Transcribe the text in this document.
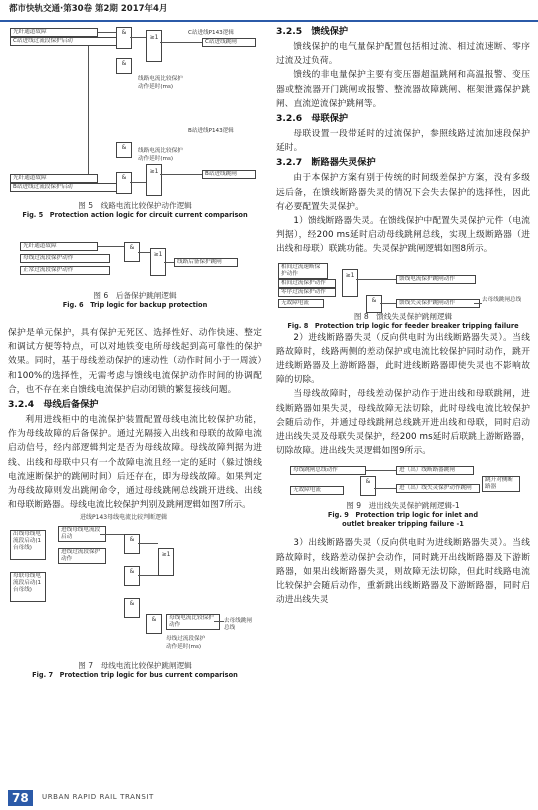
都市快轨交通·第30卷 第2期 2017年4月
C站进线P143逻辑
光纤通道故障
C站进线过流段保护启动
&
≥1
C站进线跳闸
&
线路电流比较保护
动作延时(ms)
B站进线P143逻辑
&	线路电流比较保护
动作延时(ms)
光纤通道故障
B站进线过流段保护启动
&
≥1	B站进线跳闸
图 5　线路电流比较保护动作逻辑
Fig. 5　Protection action logic for circuit current comparison
光纤通道故障
母线过流段保护动作
正常过流段保护动作
&
≥1
线路后备保护跳闸
图 6　后备保护跳闸逻辑
Fig. 6　Trip logic for backup protection

保护是单元保护，具有保护无死区、选择性好、动作快速、整定和调试方便等特点，可以对地铁变电所母线起到高可靠性的保护效果。同时，基于母线差动保护的速动性（动作时间小于一周波）和100%的选择性，无需考虑与馈线电流保护动作时间的协调配合，也不存在来自馈线电流保护启动闭锁的繁复接线问题。

3.2.4　母线后备保护

利用进线柜中的电流保护装置配置母线电流比较保护功能，作为母线故障的后备保护。通过光隔接入出线和母联的故障电流启动信号，经内部逻辑判定是否为母线故障。母线故障判据为进线、出线和母联中只有一个故障电流且经一定的延时（躲过馈线电流速断保护的跳闸时间）后还存在，即为母线故障。如果判定为母线故障则发出跳闸命令，通过母线跳闸总线跳开进线、出线和母联断路器。母线电流比较保护判别及跳闸逻辑如图7所示。

进线P143母线电流比较判断逻辑
出线母线电流段启动(1台母线)
母联母线电流段启动(1台母线)
进线母线电流段启动
进线过流段保护动作
&
&
≥1
&
&	母线电流比较保护动作
母线过流段保护
动作延时(ms)
去母线跳闸总线
图 7　母线电流比较保护跳闸逻辑
Fig. 7　Protection trip logic for bus current comparison

3.2.5　馈线保护

馈线保护的电气量保护配置包括相过流、相过流速断、零序过流及过负荷。

馈线的非电量保护主要有变压器超温跳闸和高温报警、变压器或整流器开门跳闸或报警、整流器故障跳闸、框架泄露保护跳闸、直流逆流保护跳闸等。

3.2.6　母联保护

母联设置一段带延时的过流保护，参照线路过流加速段保护延时。

3.2.7　断路器失灵保护

由于本保护方案有别于传统的时间级差保护方案，没有多级远后备，在馈线断路器失灵的情况下会失去保护的选择性，因此有必要配置失灵保护。

1）馈线断路器失灵。在馈线保护中配置失灵保护元件（电流判据），经200 ms延时启动母线跳闸总线，实现上级断路器（进出线和母联）联跳功能。失灵保护跳闸逻辑如图8所示。

相间过流速断保护动作
相间过流保护动作
零序过流保护动作
无故障电流
≥1	馈线电流保护跳闸动作
&	馈线失灵保护跳闸动作	去母线跳闸总线
图 8　馈线失灵保护跳闸逻辑
Fig. 8　Protection trip logic for feeder breaker tripping failure

2）进线断路器失灵（反向供电时为出线断路器失灵）。当线路故障时，线路两侧的差动保护或电流比较保护同时动作，跳开进线断路器及上游断路器，此时进线断路器即使失灵也不影响故障的切除。

当母线故障时，母线差动保护动作于进出线和母联跳闸，进线断路器如果失灵，母线故障无法切除，此时母线电流比较保护会随后动作，并通过母线跳闸总线跳开进出线和母联，同时启动进出线失灵及母联失灵保护，经200 ms延时后联跳上游断路器，切除故障。进出线失灵逻辑如图9所示。

母线跳闸总线动作
无故障电流
进（出）线断路器跳闸
&
进（出）线失灵保护动作跳闸
跳开对侧断路器
图 9　进出线失灵保护跳闸逻辑-1
Fig. 9　Protection trip logic for inlet and
outlet breaker tripping failure -1

3）出线断路器失灵（反向供电时为进线断路器失灵）。当线路故障时，线路差动保护会动作，同时跳开出线断路器及下游断路器，如果出线断路器失灵，则故障无法切除，但此时线路电流比较保护会随后动作，重新跳出线断路器及下游断路器，同时启动进出线失灵

78	URBAN RAPID RAIL TRANSIT
